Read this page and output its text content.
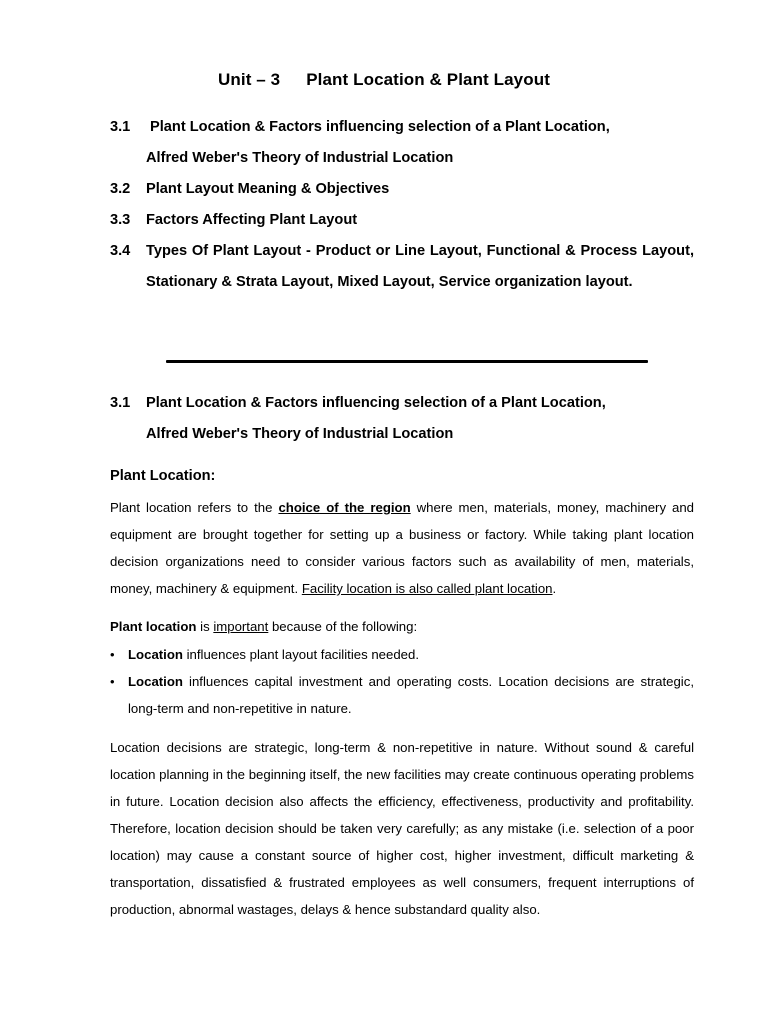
Unit – 3 Plant Location & Plant Layout
3.1 Plant Location & Factors influencing selection of a Plant Location,
Alfred Weber's Theory of Industrial Location
3.2 Plant Layout Meaning & Objectives
3.3 Factors Affecting Plant Layout
3.4 Types Of Plant Layout - Product or Line Layout, Functional & Process Layout, Stationary & Strata Layout, Mixed Layout, Service organization layout.
3.1 Plant Location & Factors influencing selection of a Plant Location,
Alfred Weber's Theory of Industrial Location
Plant Location:
Plant location refers to the choice of the region where men, materials, money, machinery and equipment are brought together for setting up a business or factory. While taking plant location decision organizations need to consider various factors such as availability of men, materials, money, machinery & equipment. Facility location is also called plant location.
Plant location is important because of the following:
•	Location influences plant layout facilities needed.
•	Location influences capital investment and operating costs. Location decisions are strategic, long-term and non-repetitive in nature.
Location decisions are strategic, long-term & non-repetitive in nature. Without sound & careful location planning in the beginning itself, the new facilities may create continuous operating problems in future. Location decision also affects the efficiency, effectiveness, productivity and profitability. Therefore, location decision should be taken very carefully; as any mistake (i.e. selection of a poor location) may cause a constant source of higher cost, higher investment, difficult marketing & transportation, dissatisfied & frustrated employees as well consumers, frequent interruptions of production, abnormal wastages, delays & hence substandard quality also.
